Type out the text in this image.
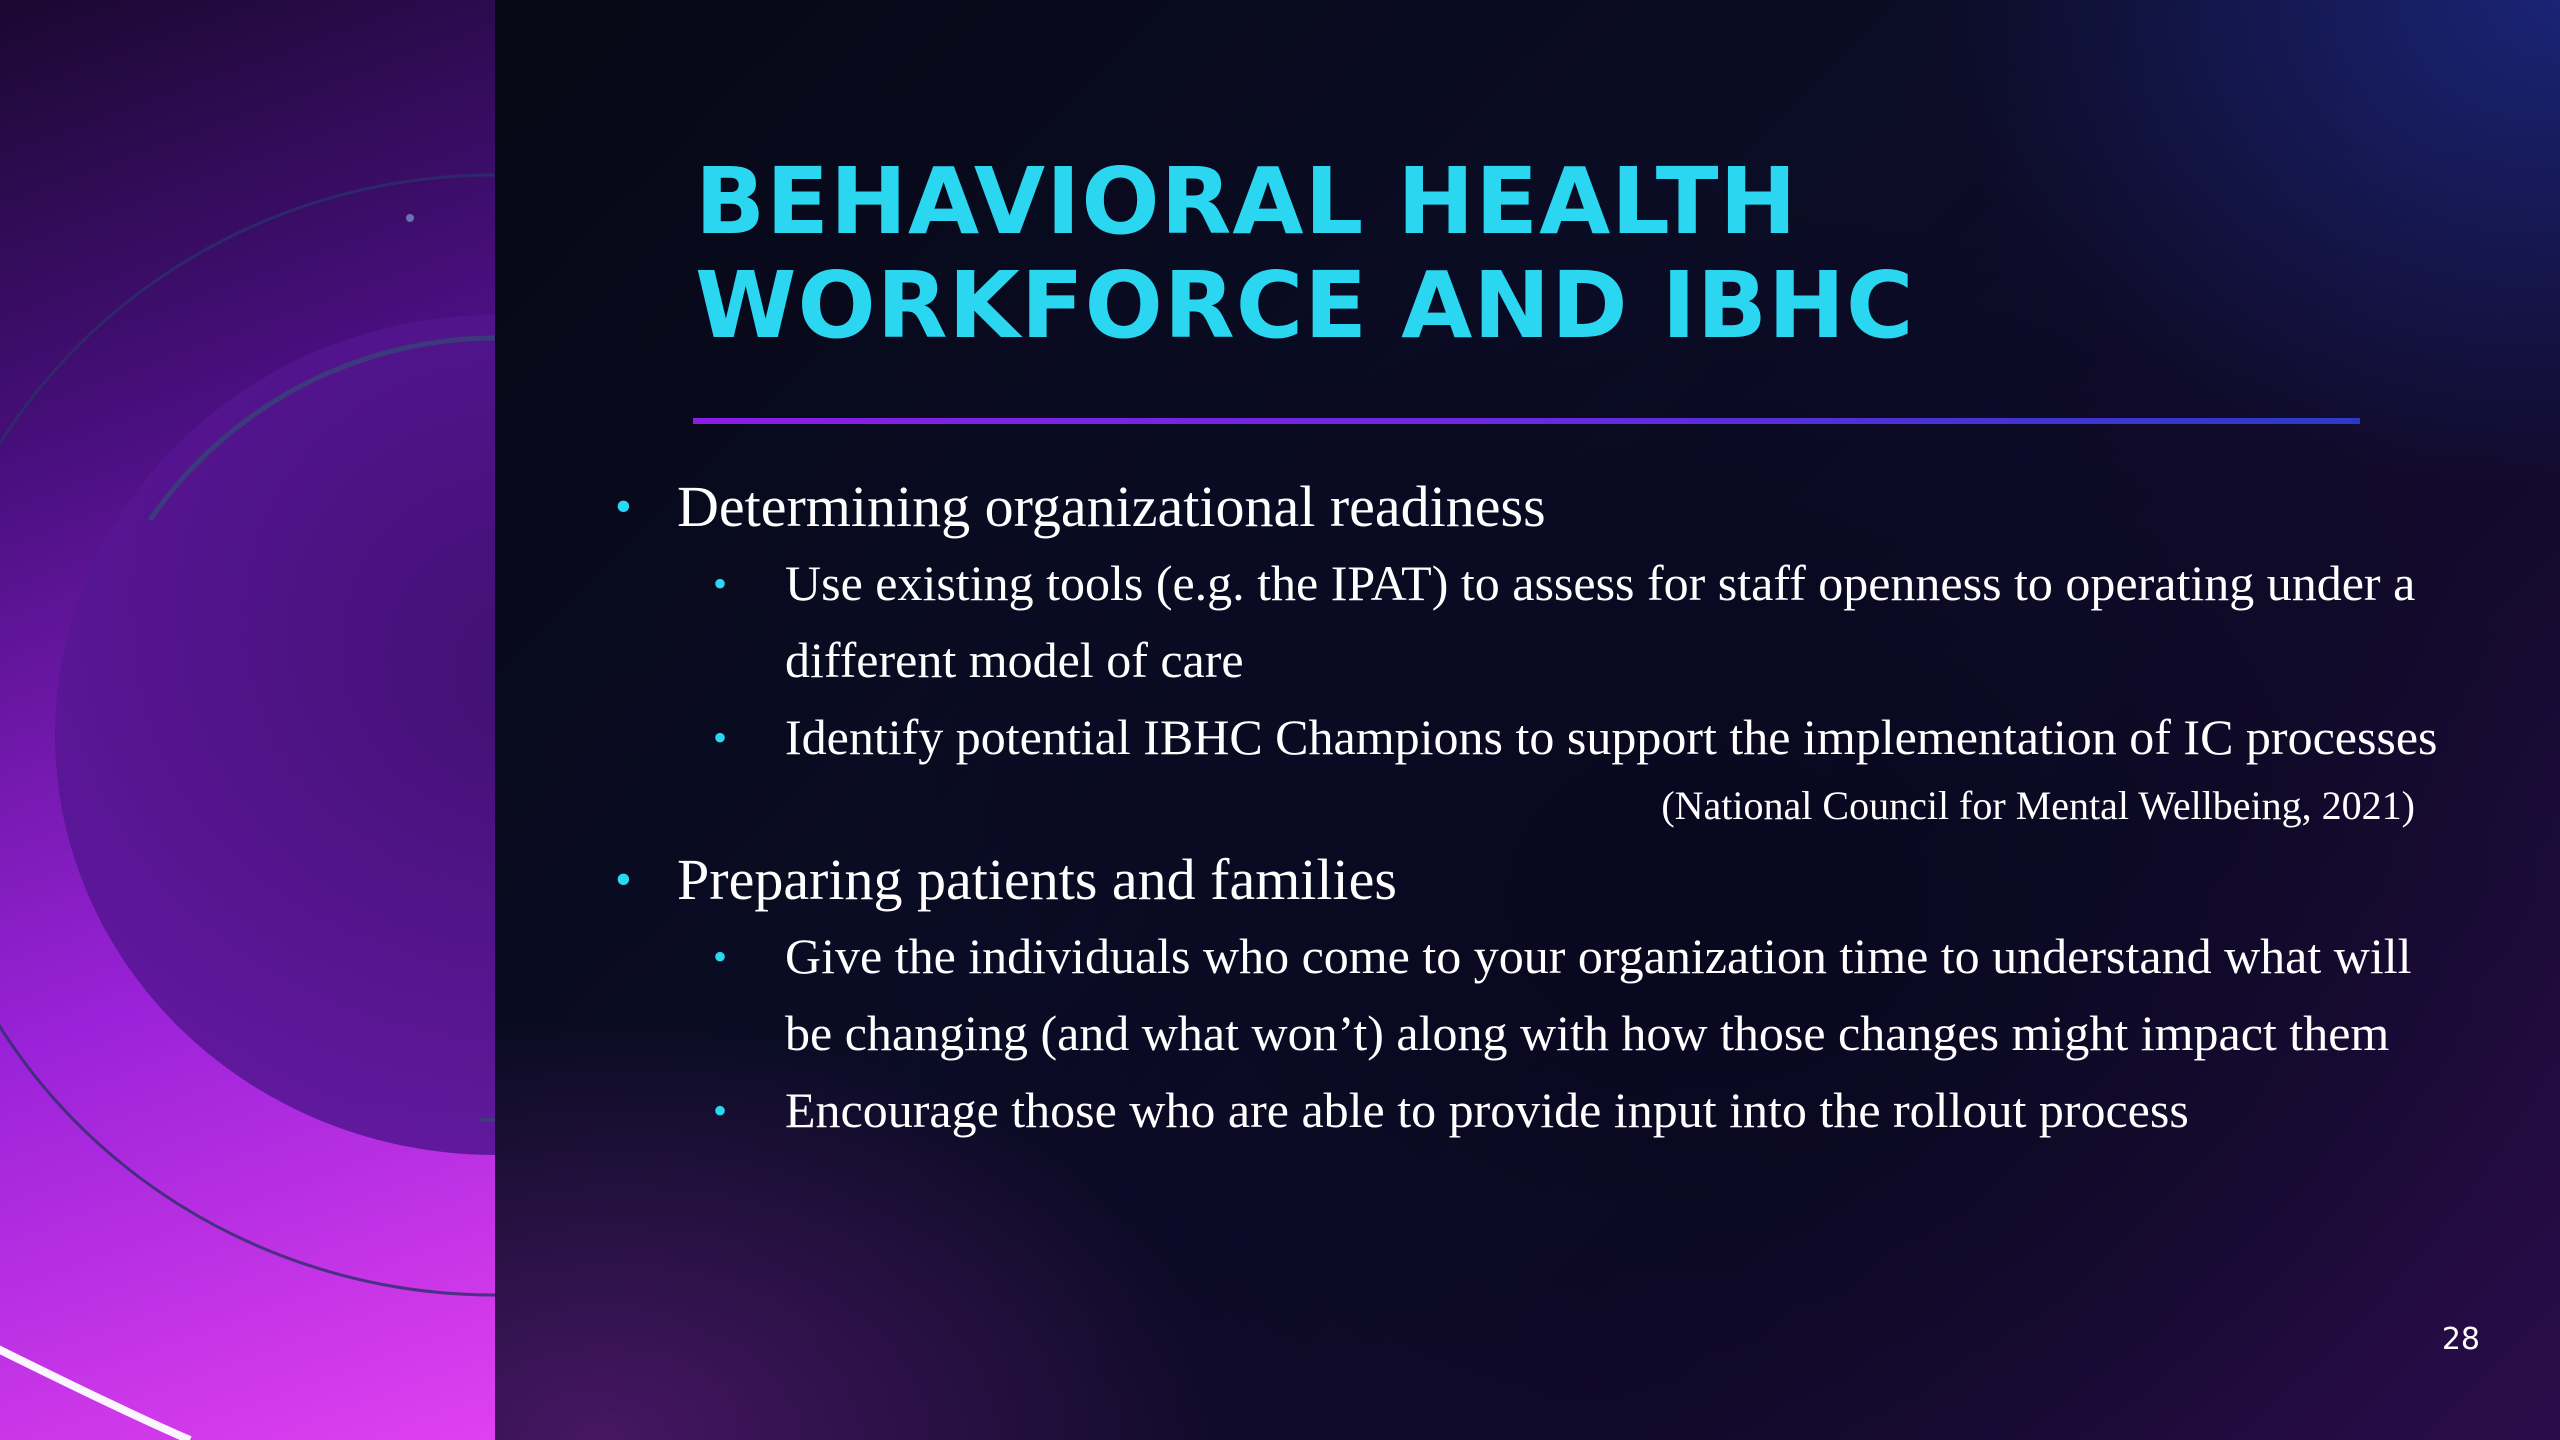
BEHAVIORAL HEALTH
WORKFORCE AND IBHC
• Determining organizational readiness
• Use existing tools (e.g. the IPAT) to assess for staff openness to operating under a different model of care
• Identify potential IBHC Champions to support the implementation of IC processes
(National Council for Mental Wellbeing, 2021)
• Preparing patients and families
• Give the individuals who come to your organization time to understand what will be changing (and what won’t) along with how those changes might impact them
• Encourage those who are able to provide input into the rollout process
28
